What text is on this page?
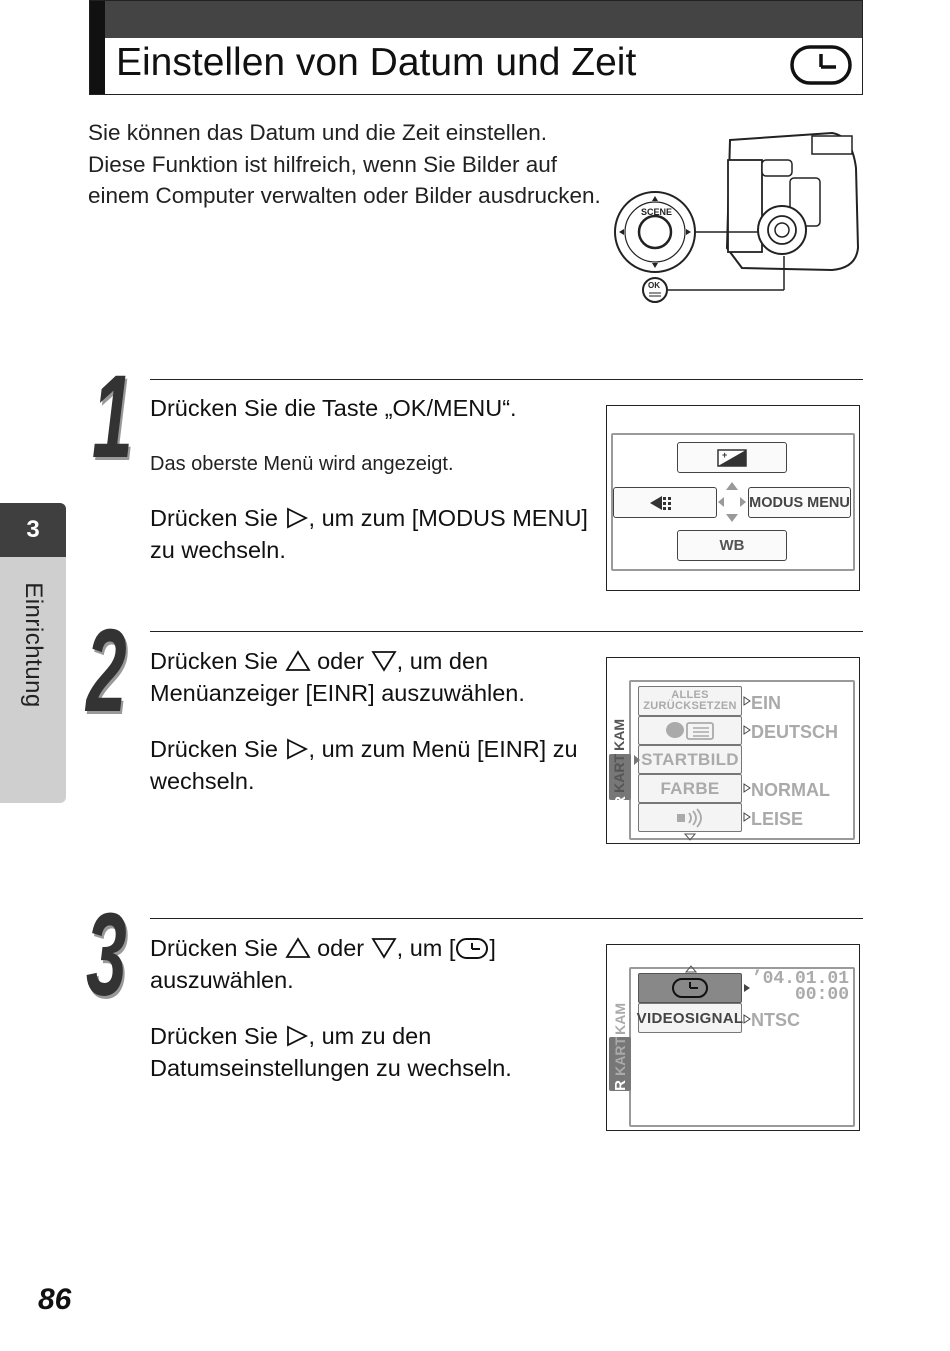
Einstellen von Datum und Zeit
Sie können das Datum und die Zeit einstellen. Diese Funktion ist hilfreich, wenn Sie Bilder auf einem Computer verwalten oder Bilder ausdrucken.
SCENE
OK
3
Einrichtung
1 Drücken Sie die Taste „OK/MENU“.
Das oberste Menü wird angezeigt.
Drücken Sie , um zum [MODUS MENU] zu wechseln.
+
MODUS MENU
WB
2 Drücken Sie oder , um den Menüanzeiger [EINR] auszuwählen.
Drücken Sie , um zum Menü [EINR] zu wechseln.
KAM
KART
EINR
ALLES ZURÜCKSETZEN
STARTBILD
FARBE
EIN
DEUTSCH
NORMAL
LEISE
3 Drücken Sie oder , um [ ] auszuwählen.
Drücken Sie , um zu den Datumseinstellungen zu wechseln.
KAM
KART
EINR
VIDEOSIGNAL
’04.01.01
00:00
NTSC
86
